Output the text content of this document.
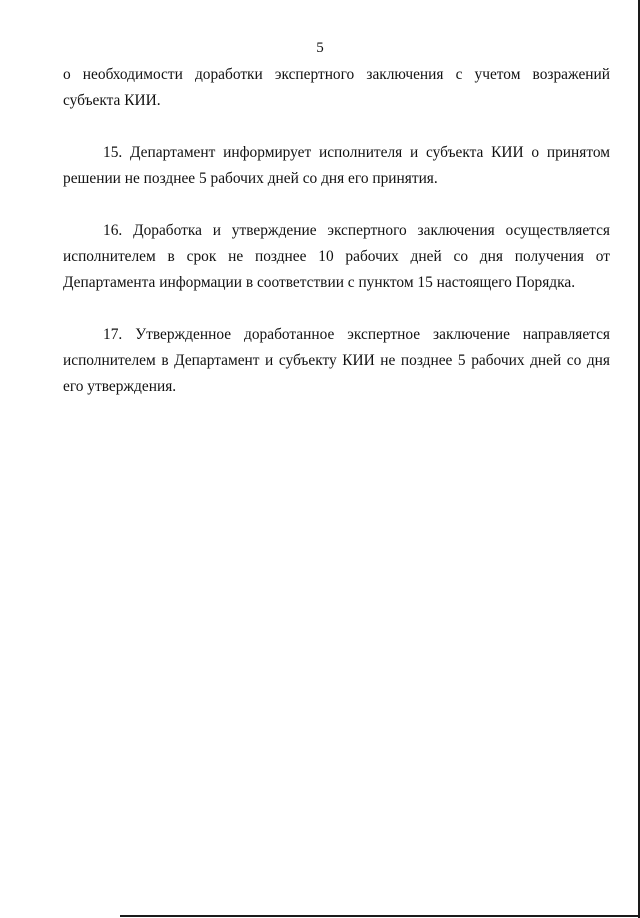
5

о необходимости доработки экспертного заключения с учетом возражений субъекта КИИ.

15. Департамент информирует исполнителя и субъекта КИИ о принятом решении не позднее 5 рабочих дней со дня его принятия.

16. Доработка и утверждение экспертного заключения осуществляется исполнителем в срок не позднее 10 рабочих дней со дня получения от Департамента информации в соответствии с пунктом 15 настоящего Порядка.

17. Утвержденное доработанное экспертное заключение направляется исполнителем в Департамент и субъекту КИИ не позднее 5 рабочих дней со дня его утверждения.
